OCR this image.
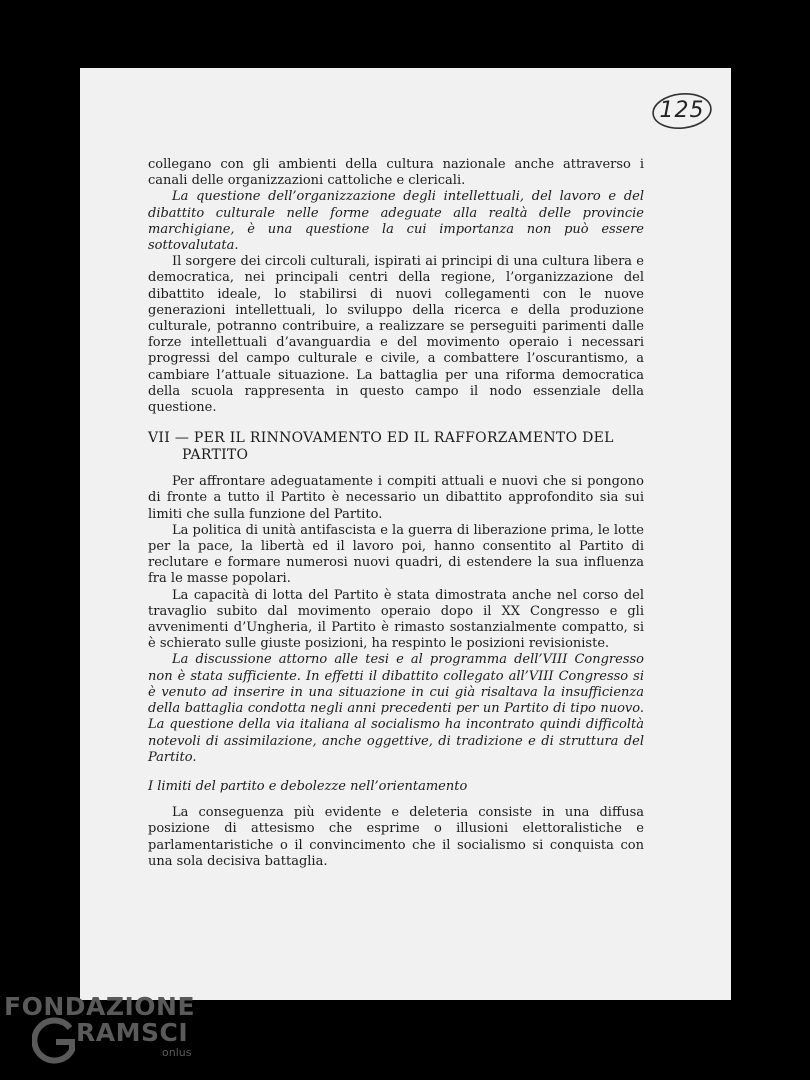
125

collegano con gli ambienti della cultura nazionale anche attraverso i canali delle organizzazioni cattoliche e clericali.

La questione dell’organizzazione degli intellettuali, del lavoro e del dibattito culturale nelle forme adeguate alla realtà delle provincie marchigiane, è una questione la cui importanza non può essere sottovalutata.

Il sorgere dei circoli culturali, ispirati ai principi di una cultura libera e democratica, nei principali centri della regione, l’organizzazione del dibattito ideale, lo stabilirsi di nuovi collegamenti con le nuove generazioni intellettuali, lo sviluppo della ricerca e della produzione culturale, potranno contribuire, a realizzare se perseguiti parimenti dalle forze intellettuali d’avanguardia e del movimento operaio i necessari progressi del campo culturale e civile, a combattere l’oscurantismo, a cambiare l’attuale situazione. La battaglia per una riforma democratica della scuola rappresenta in questo campo il nodo essenziale della questione.

VII — PER IL RINNOVAMENTO ED IL RAFFORZAMENTO DEL PARTITO

Per affrontare adeguatamente i compiti attuali e nuovi che si pongono di fronte a tutto il Partito è necessario un dibattito approfondito sia sui limiti che sulla funzione del Partito.

La politica di unità antifascista e la guerra di liberazione prima, le lotte per la pace, la libertà ed il lavoro poi, hanno consentito al Partito di reclutare e formare numerosi nuovi quadri, di estendere la sua influenza fra le masse popolari.

La capacità di lotta del Partito è stata dimostrata anche nel corso del travaglio subito dal movimento operaio dopo il XX Congresso e gli avvenimenti d’Ungheria, il Partito è rimasto sostanzialmente compatto, si è schierato sulle giuste posizioni, ha respinto le posizioni revisioniste.

La discussione attorno alle tesi e al programma dell’VIII Congresso non è stata sufficiente. In effetti il dibattito collegato all’VIII Congresso si è venuto ad inserire in una situazione in cui già risaltava la insufficienza della battaglia condotta negli anni precedenti per un Partito di tipo nuovo. La questione della via italiana al socialismo ha incontrato quindi difficoltà notevoli di assimilazione, anche oggettive, di tradizione e di struttura del Partito.

I limiti del partito e debolezze nell’orientamento

La conseguenza più evidente e deleteria consiste in una diffusa posizione di attesismo che esprime o illusioni elettoralistiche e parlamentaristiche o il convincimento che il socialismo si conquista con una sola decisiva battaglia.

FONDAZIONE
RAMSCI
onlus
